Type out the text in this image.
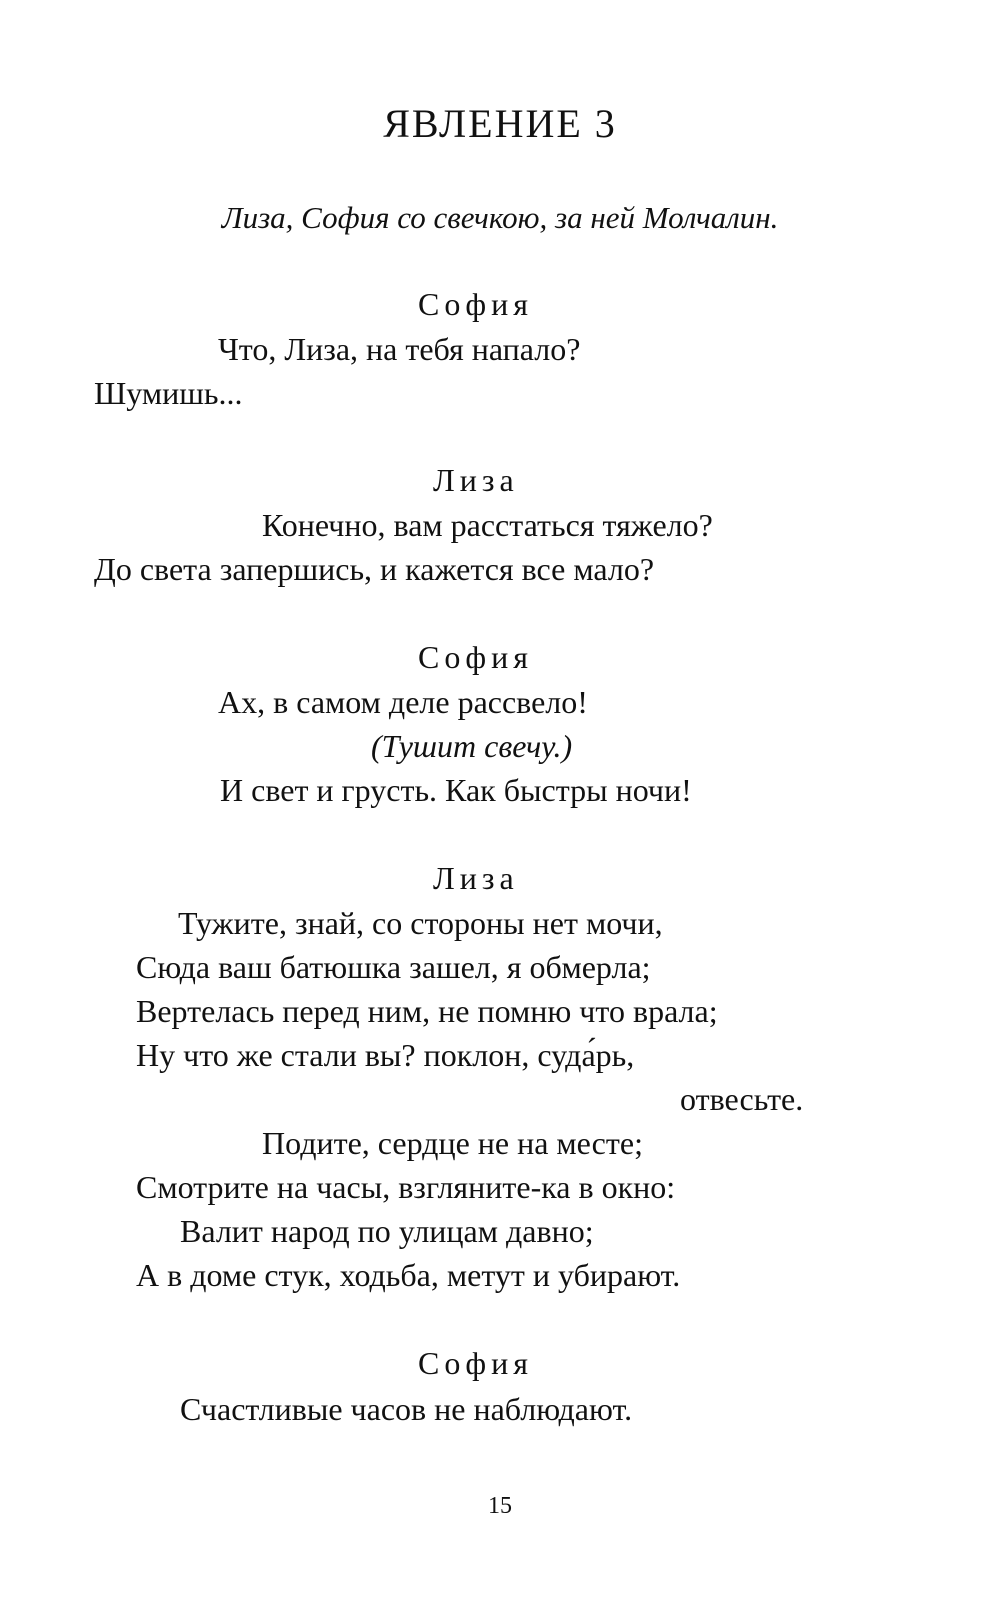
ЯВЛЕНИЕ 3
Лиза, София со свечкою, за ней Молчалин.
София
Что, Лиза, на тебя напало?
Шумишь...
Лиза
Конечно, вам расстаться тяжело?
До света запершись, и кажется все мало?
София
Ах, в самом деле рассвело!
(Тушит свечу.)
И свет и грусть. Как быстры ночи!
Лиза
Тужите, знай, со стороны нет мочи,
Сюда ваш батюшка зашел, я обмерла;
Вертелась перед ним, не помню что врала;
Ну что же стали вы? поклон, суда́рь,
отвесьте.
Подите, сердце не на месте;
Смотрите на часы, взгляните-ка в окно:
Валит народ по улицам давно;
А в доме стук, ходьба, метут и убирают.
София
Счастливые часов не наблюдают.
15
